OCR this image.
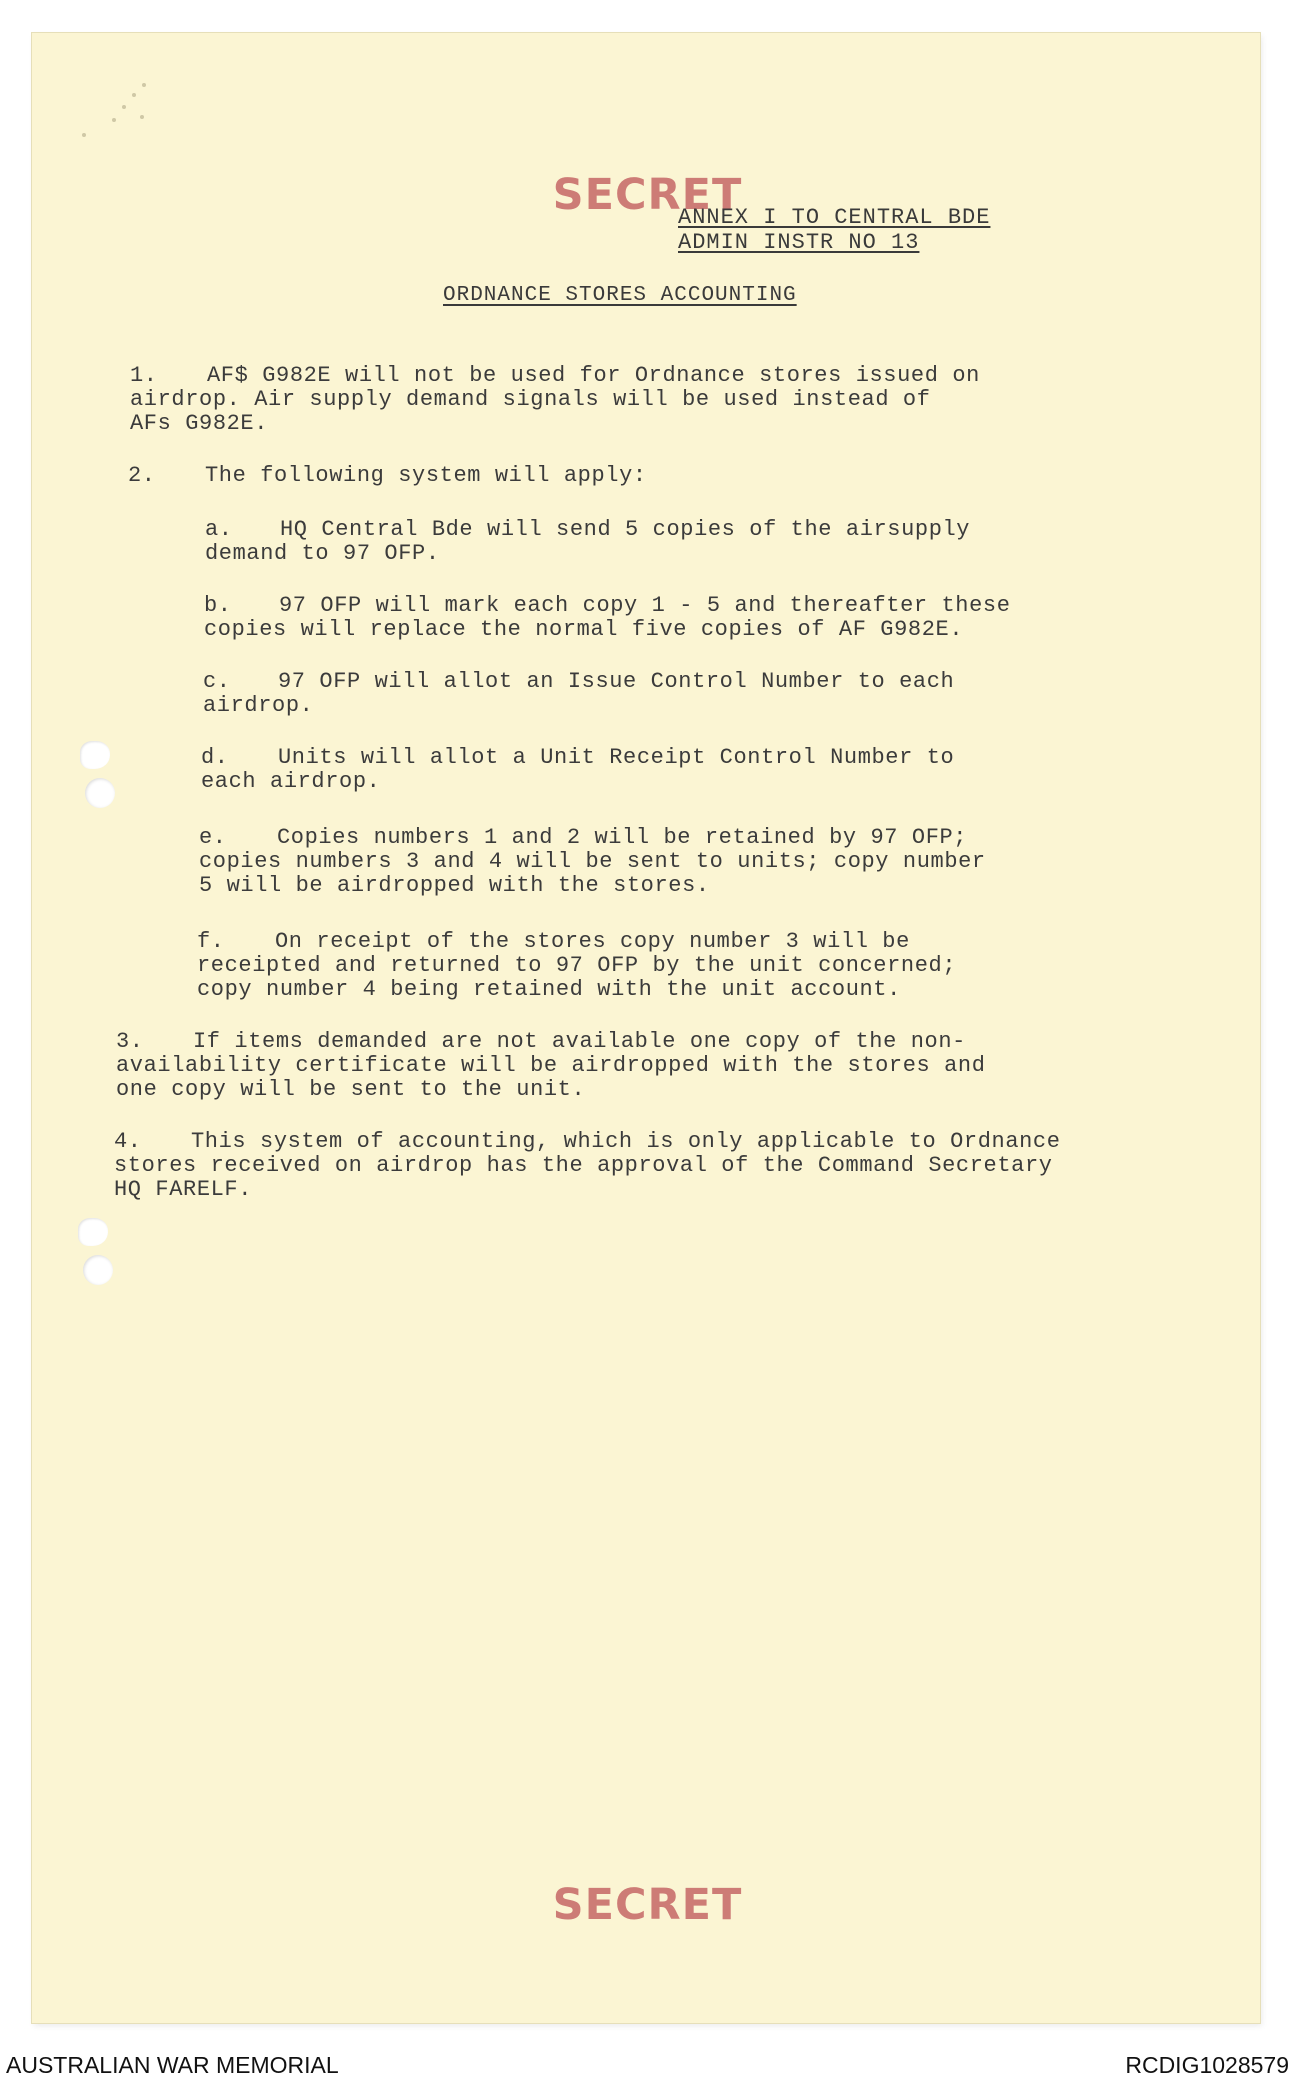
SECRET
ANNEX I TO CENTRAL BDE
ADMIN INSTR NO 13
ORDNANCE STORES ACCOUNTING
1. AF$ G982E will not be used for Ordnance stores issued on
airdrop. Air supply demand signals will be used instead of
AFs G982E.
2. The following system will apply:
a. HQ Central Bde will send 5 copies of the airsupply
demand to 97 OFP.
b. 97 OFP will mark each copy 1 - 5 and thereafter these
copies will replace the normal five copies of AF G982E.
c. 97 OFP will allot an Issue Control Number to each
airdrop.
d. Units will allot a Unit Receipt Control Number to
each airdrop.
e. Copies numbers 1 and 2 will be retained by 97 OFP;
copies numbers 3 and 4 will be sent to units; copy number
5 will be airdropped with the stores.
f. On receipt of the stores copy number 3 will be
receipted and returned to 97 OFP by the unit concerned;
copy number 4 being retained with the unit account.
3. If items demanded are not available one copy of the non-
availability certificate will be airdropped with the stores and
one copy will be sent to the unit.
4. This system of accounting, which is only applicable to Ordnance
stores received on airdrop has the approval of the Command Secretary
HQ FARELF.
SECRET
AUSTRALIAN WAR MEMORIAL	RCDIG1028579
